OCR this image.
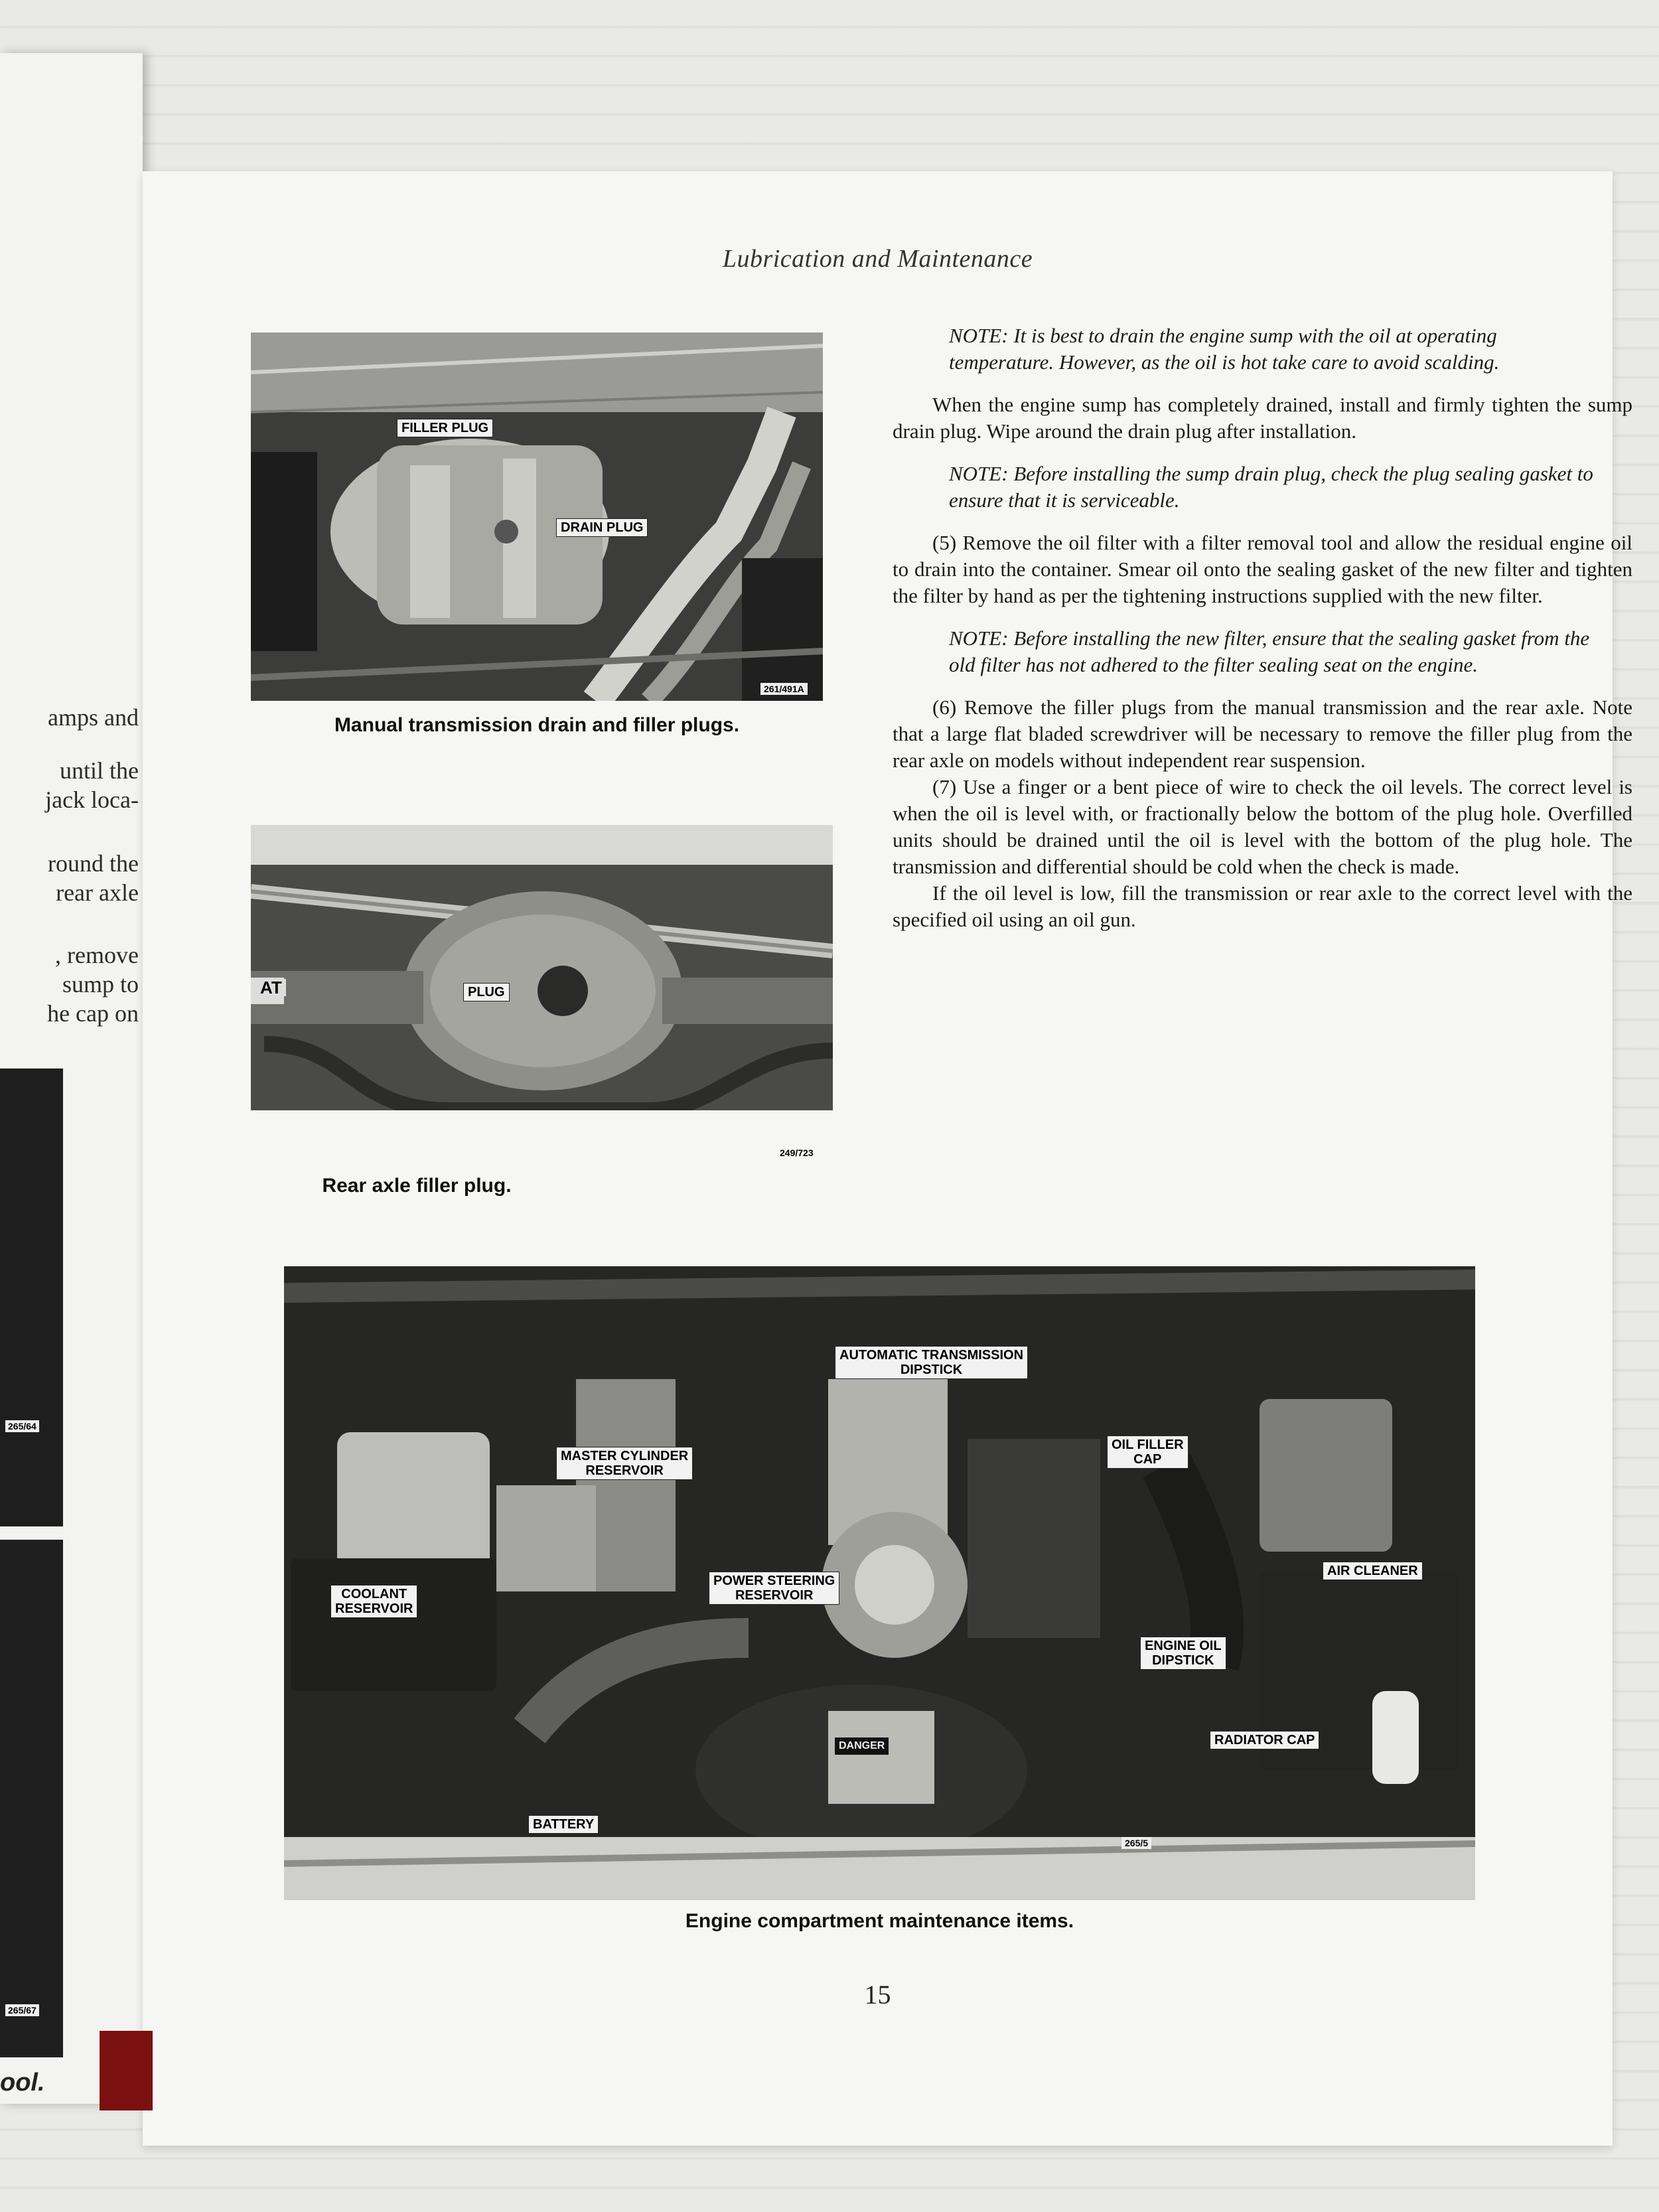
amps and
until the
jack loca-
round the
rear axle
, remove
sump to
he cap on
265/64
265/67
ool.
Lubrication and Maintenance
FILLER PLUG
DRAIN PLUG
261/491A
Manual transmission drain and filler plugs.
AT	PLUG
249/723
Rear axle filler plug.

NOTE: It is best to drain the engine sump with the oil at operating temperature. However, as the oil is hot take care to avoid scalding.

When the engine sump has completely drained, install and firmly tighten the sump drain plug. Wipe around the drain plug after installation.

NOTE: Before installing the sump drain plug, check the plug sealing gasket to ensure that it is serviceable.

(5) Remove the oil filter with a filter removal tool and allow the residual engine oil to drain into the container. Smear oil onto the sealing gasket of the new filter and tighten the filter by hand as per the tightening instructions supplied with the new filter.

NOTE: Before installing the new filter, ensure that the sealing gasket from the old filter has not adhered to the filter sealing seat on the engine.

(6) Remove the filler plugs from the manual transmission and the rear axle. Note that a large flat bladed screwdriver will be necessary to remove the filler plug from the rear axle on models without independent rear suspension.

(7) Use a finger or a bent piece of wire to check the oil levels. The correct level is when the oil is level with, or fractionally below the bottom of the plug hole. Overfilled units should be drained until the oil is level with the bottom of the plug hole. The transmission and differential should be cold when the check is made.

If the oil level is low, fill the transmission or rear axle to the correct level with the specified oil using an oil gun.

AUTOMATIC TRANSMISSION
DIPSTICK
MASTER CYLINDER
RESERVOIR
OIL FILLER
CAP
COOLANT
RESERVOIR
POWER STEERING
RESERVOIR
AIR CLEANER
ENGINE OIL
DIPSTICK
RADIATOR CAP
BATTERY
DANGER
265/5
Engine compartment maintenance items.
15
